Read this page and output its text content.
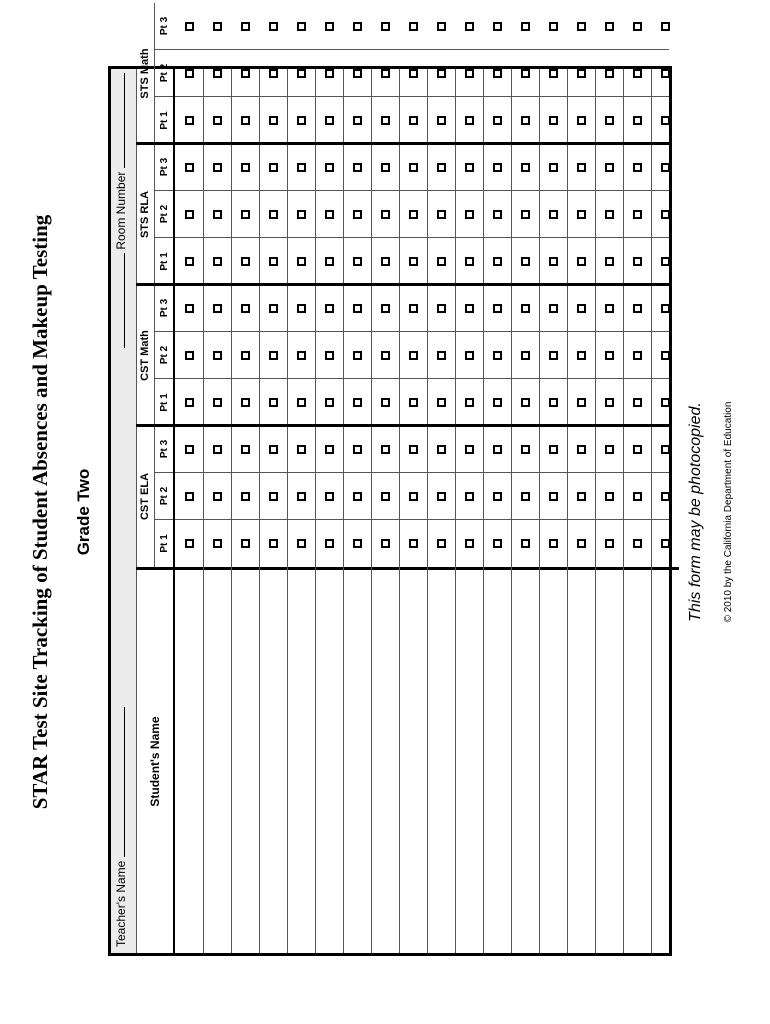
STAR Test Site Tracking of Student Absences and Makeup Testing Grade Two
Teacher's Name
Room Number
Student's Name
CST ELA
Pt 1
Pt 2
Pt 3
CST Math
Pt 1
Pt 2
Pt 3
STS RLA
Pt 1
Pt 2
Pt 3
STS Math
Pt 1
Pt 2
Pt 3
This form may be photocopied. © 2010 by the California Department of Education
